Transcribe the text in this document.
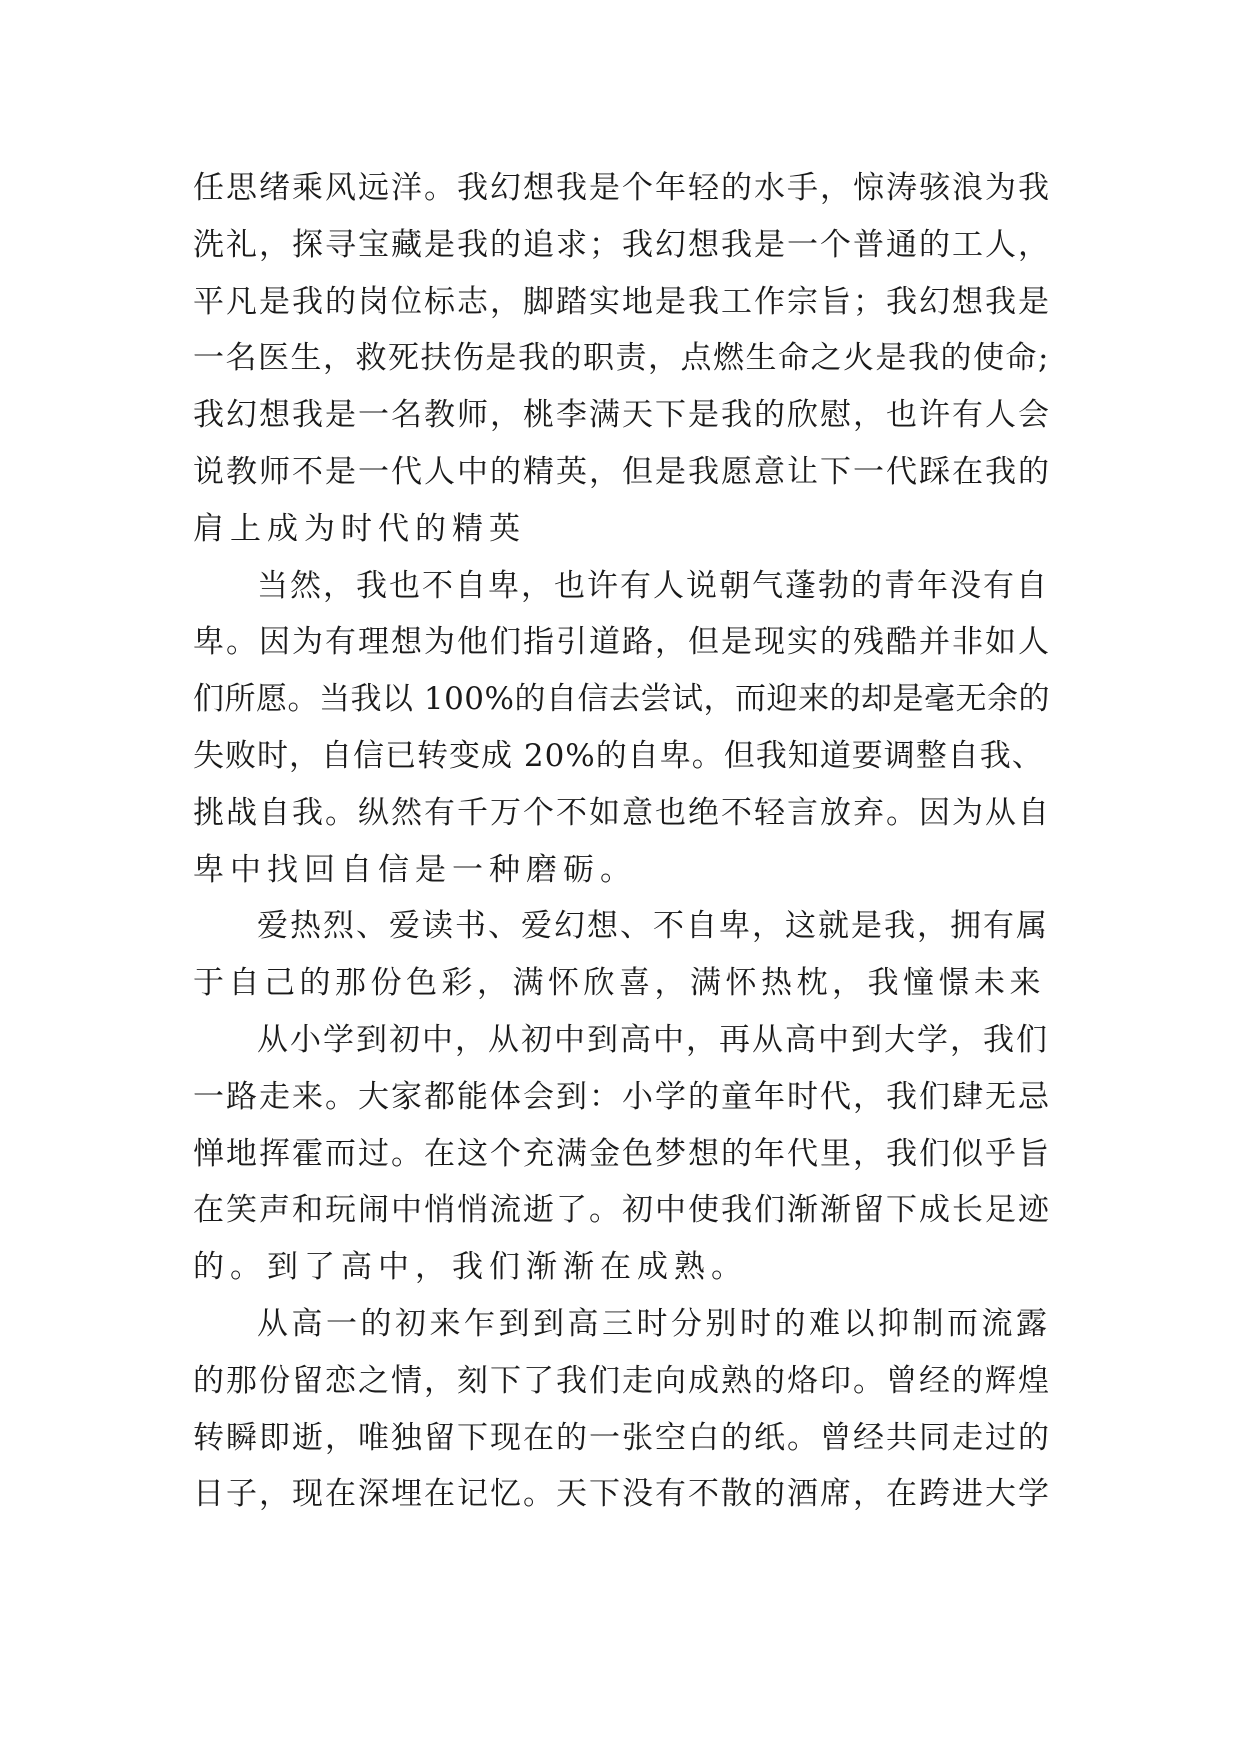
任思绪乘风远洋。我幻想我是个年轻的水手，惊涛骇浪为我
洗礼，探寻宝藏是我的追求；我幻想我是一个普通的工人，
平凡是我的岗位标志，脚踏实地是我工作宗旨；我幻想我是
一名医生，救死扶伤是我的职责，点燃生命之火是我的使命;
我幻想我是一名教师，桃李满天下是我的欣慰，也许有人会
说教师不是一代人中的精英，但是我愿意让下一代踩在我的
肩上成为时代的精英
当然，我也不自卑，也许有人说朝气蓬勃的青年没有自
卑。因为有理想为他们指引道路，但是现实的残酷并非如人
们所愿。当我以 100%的自信去尝试，而迎来的却是毫无余的
失败时，自信已转变成 20%的自卑。但我知道要调整自我、
挑战自我。纵然有千万个不如意也绝不轻言放弃。因为从自
卑中找回自信是一种磨砺。
爱热烈、爱读书、爱幻想、不自卑，这就是我，拥有属
于自己的那份色彩，满怀欣喜，满怀热枕，我憧憬未来
从小学到初中，从初中到高中，再从高中到大学，我们
一路走来。大家都能体会到：小学的童年时代，我们肆无忌
惮地挥霍而过。在这个充满金色梦想的年代里，我们似乎旨
在笑声和玩闹中悄悄流逝了。初中使我们渐渐留下成长足迹
的。到了高中，我们渐渐在成熟。
从高一的初来乍到到高三时分别时的难以抑制而流露
的那份留恋之情，刻下了我们走向成熟的烙印。曾经的辉煌
转瞬即逝，唯独留下现在的一张空白的纸。曾经共同走过的
日子，现在深埋在记忆。天下没有不散的酒席，在跨进大学
